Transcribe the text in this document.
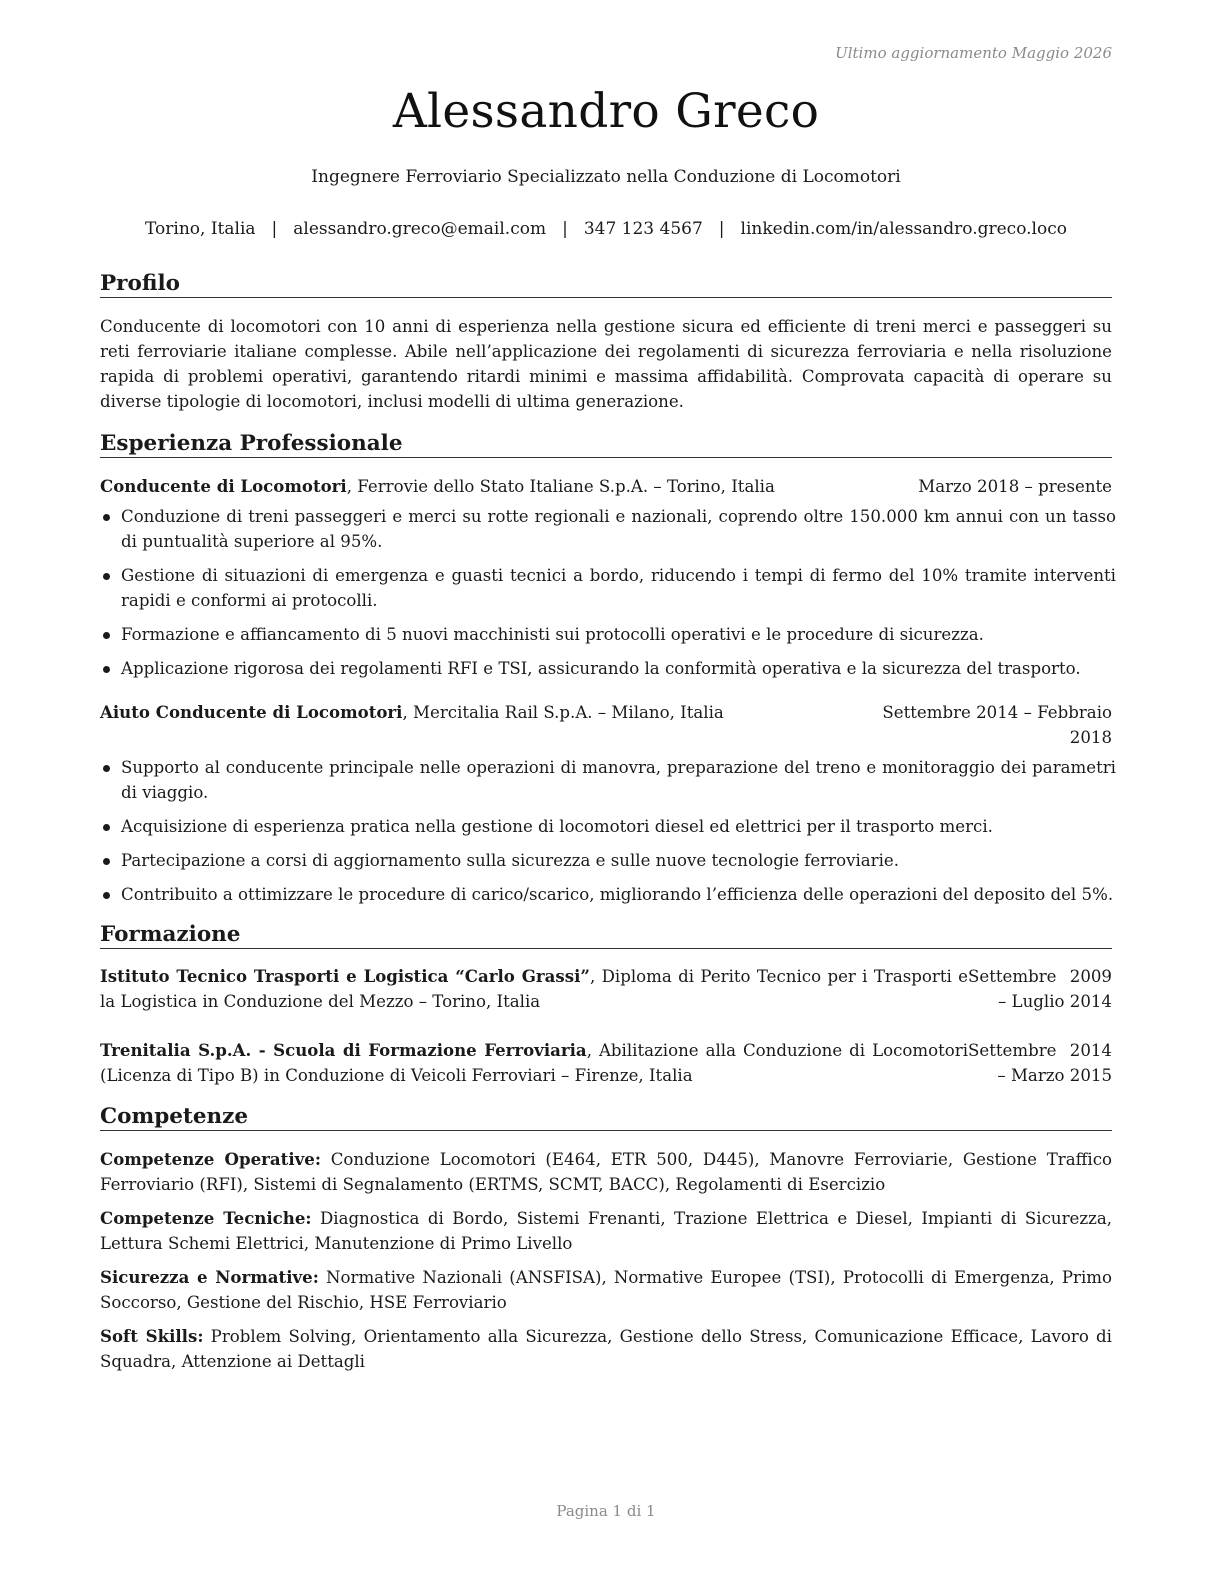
Ultimo aggiornamento Maggio 2026
Alessandro Greco
Ingegnere Ferroviario Specializzato nella Conduzione di Locomotori
Torino, Italia | alessandro.greco@email.com | 347 123 4567 | linkedin.com/in/alessandro.greco.loco
Profilo
Conducente di locomotori con 10 anni di esperienza nella gestione sicura ed efficiente di treni merci e passeggeri su reti ferroviarie italiane complesse. Abile nell’applicazione dei regolamenti di sicurezza ferroviaria e nella risoluzione rapida di problemi operativi, garantendo ritardi minimi e massima affidabilità. Comprovata capacità di operare su diverse tipologie di locomotori, inclusi modelli di ultima generazione.
Esperienza Professionale
Conducente di Locomotori, Ferrovie dello Stato Italiane S.p.A. – Torino, Italia	Marzo 2018 – presente
Conduzione di treni passeggeri e merci su rotte regionali e nazionali, coprendo oltre 150.000 km annui con un tasso di puntualità superiore al 95%.
Gestione di situazioni di emergenza e guasti tecnici a bordo, riducendo i tempi di fermo del 10% tramite interventi rapidi e conformi ai protocolli.
Formazione e affiancamento di 5 nuovi macchinisti sui protocolli operativi e le procedure di sicurezza.
Applicazione rigorosa dei regolamenti RFI e TSI, assicurando la conformità operativa e la sicurezza del trasporto.
Aiuto Conducente di Locomotori, Mercitalia Rail S.p.A. – Milano, Italia	Settembre 2014 – Febbraio 2018
Supporto al conducente principale nelle operazioni di manovra, preparazione del treno e monitoraggio dei parametri di viaggio.
Acquisizione di esperienza pratica nella gestione di locomotori diesel ed elettrici per il trasporto merci.
Partecipazione a corsi di aggiornamento sulla sicurezza e sulle nuove tecnologie ferroviarie.
Contribuito a ottimizzare le procedure di carico/scarico, migliorando l’efficienza delle operazioni del deposito del 5%.
Formazione
Istituto Tecnico Trasporti e Logistica “Carlo Grassi”, Diploma di Perito Tecnico per i Trasporti e la Logistica in Conduzione del Mezzo – Torino, Italia
Settembre 2009 – Luglio 2014
Trenitalia S.p.A. - Scuola di Formazione Ferroviaria, Abilitazione alla Conduzione di Locomotori (Licenza di Tipo B) in Conduzione di Veicoli Ferroviari – Firenze, Italia
Settembre 2014 – Marzo 2015
Competenze
Competenze Operative: Conduzione Locomotori (E464, ETR 500, D445), Manovre Ferroviarie, Gestione Traffico Ferroviario (RFI), Sistemi di Segnalamento (ERTMS, SCMT, BACC), Regolamenti di Esercizio
Competenze Tecniche: Diagnostica di Bordo, Sistemi Frenanti, Trazione Elettrica e Diesel, Impianti di Sicurezza, Lettura Schemi Elettrici, Manutenzione di Primo Livello
Sicurezza e Normative: Normative Nazionali (ANSFISA), Normative Europee (TSI), Protocolli di Emergenza, Primo Soccorso, Gestione del Rischio, HSE Ferroviario
Soft Skills: Problem Solving, Orientamento alla Sicurezza, Gestione dello Stress, Comunicazione Efficace, Lavoro di Squadra, Attenzione ai Dettagli
Pagina 1 di 1
